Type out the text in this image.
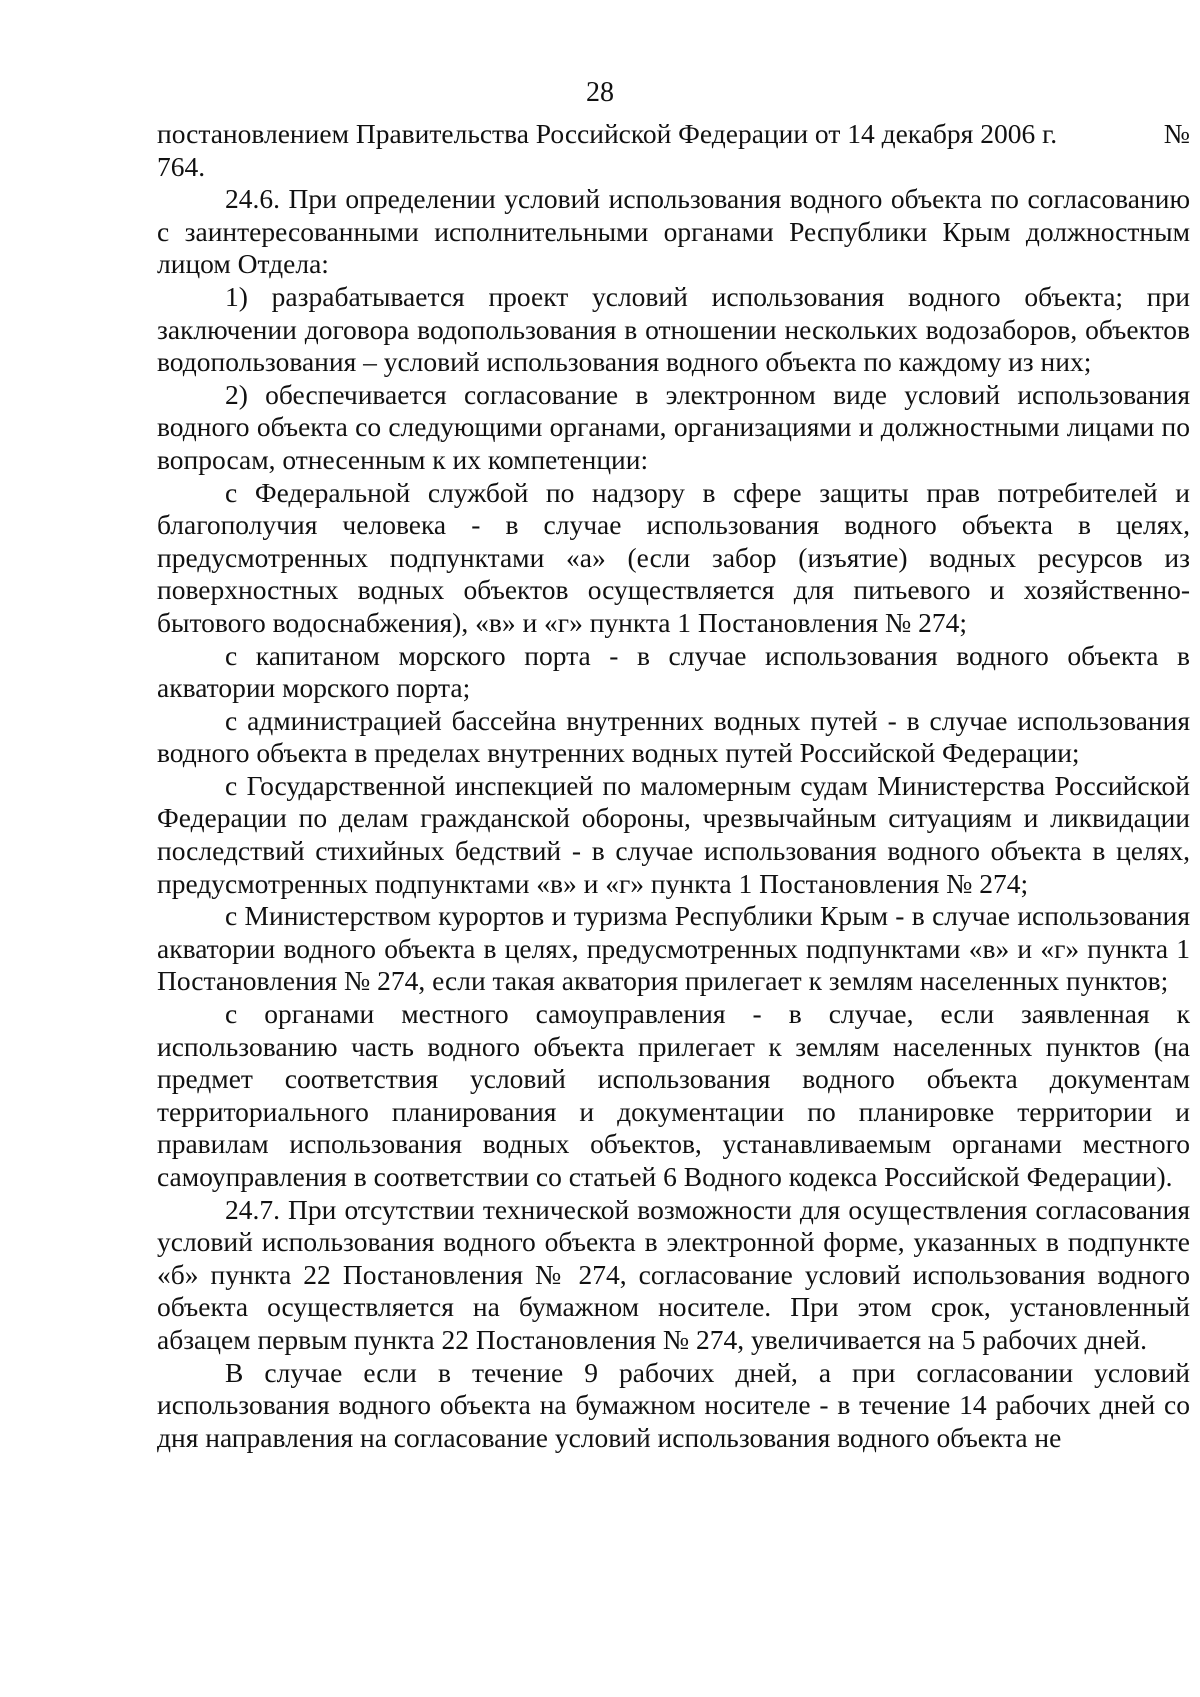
28
постановлением Правительства Российской Федерации от 14 декабря 2006 г.	№

764.

24.6. При определении условий использования водного объекта по согласованию с заинтересованными исполнительными органами Республики Крым должностным лицом Отдела:

1) разрабатывается проект условий использования водного объекта; при заключении договора водопользования в отношении нескольких водозаборов, объектов водопользования – условий использования водного объекта по каждому из них;

2) обеспечивается согласование в электронном виде условий использования водного объекта со следующими органами, организациями и должностными лицами по вопросам, отнесенным к их компетенции:

с Федеральной службой по надзору в сфере защиты прав потребителей и благополучия человека - в случае использования водного объекта в целях, предусмотренных подпунктами «а» (если забор (изъятие) водных ресурсов из поверхностных водных объектов осуществляется для питьевого и хозяйственно-бытового водоснабжения), «в» и «г» пункта 1 Постановления № 274;

с капитаном морского порта - в случае использования водного объекта в акватории морского порта;

с администрацией бассейна внутренних водных путей - в случае использования водного объекта в пределах внутренних водных путей Российской Федерации;

с Государственной инспекцией по маломерным судам Министерства Российской Федерации по делам гражданской обороны, чрезвычайным ситуациям и ликвидации последствий стихийных бедствий - в случае использования водного объекта в целях, предусмотренных подпунктами «в» и «г» пункта 1 Постановления № 274;

с Министерством курортов и туризма Республики Крым - в случае использования акватории водного объекта в целях, предусмотренных подпунктами «в» и «г» пункта 1 Постановления № 274, если такая акватория прилегает к землям населенных пунктов;

с органами местного самоуправления - в случае, если заявленная к использованию часть водного объекта прилегает к землям населенных пунктов (на предмет соответствия условий использования водного объекта документам территориального планирования и документации по планировке территории и правилам использования водных объектов, устанавливаемым органами местного самоуправления в соответствии со статьей 6 Водного кодекса Российской Федерации).

24.7. При отсутствии технической возможности для осуществления согласования условий использования водного объекта в электронной форме, указанных в подпункте «б» пункта 22 Постановления № 274, согласование условий использования водного объекта осуществляется на бумажном носителе. При этом срок, установленный абзацем первым пункта 22 Постановления № 274, увеличивается на 5 рабочих дней.

В случае если в течение 9 рабочих дней, а при согласовании условий использования водного объекта на бумажном носителе - в течение 14 рабочих дней со дня направления на согласование условий использования водного объекта не
